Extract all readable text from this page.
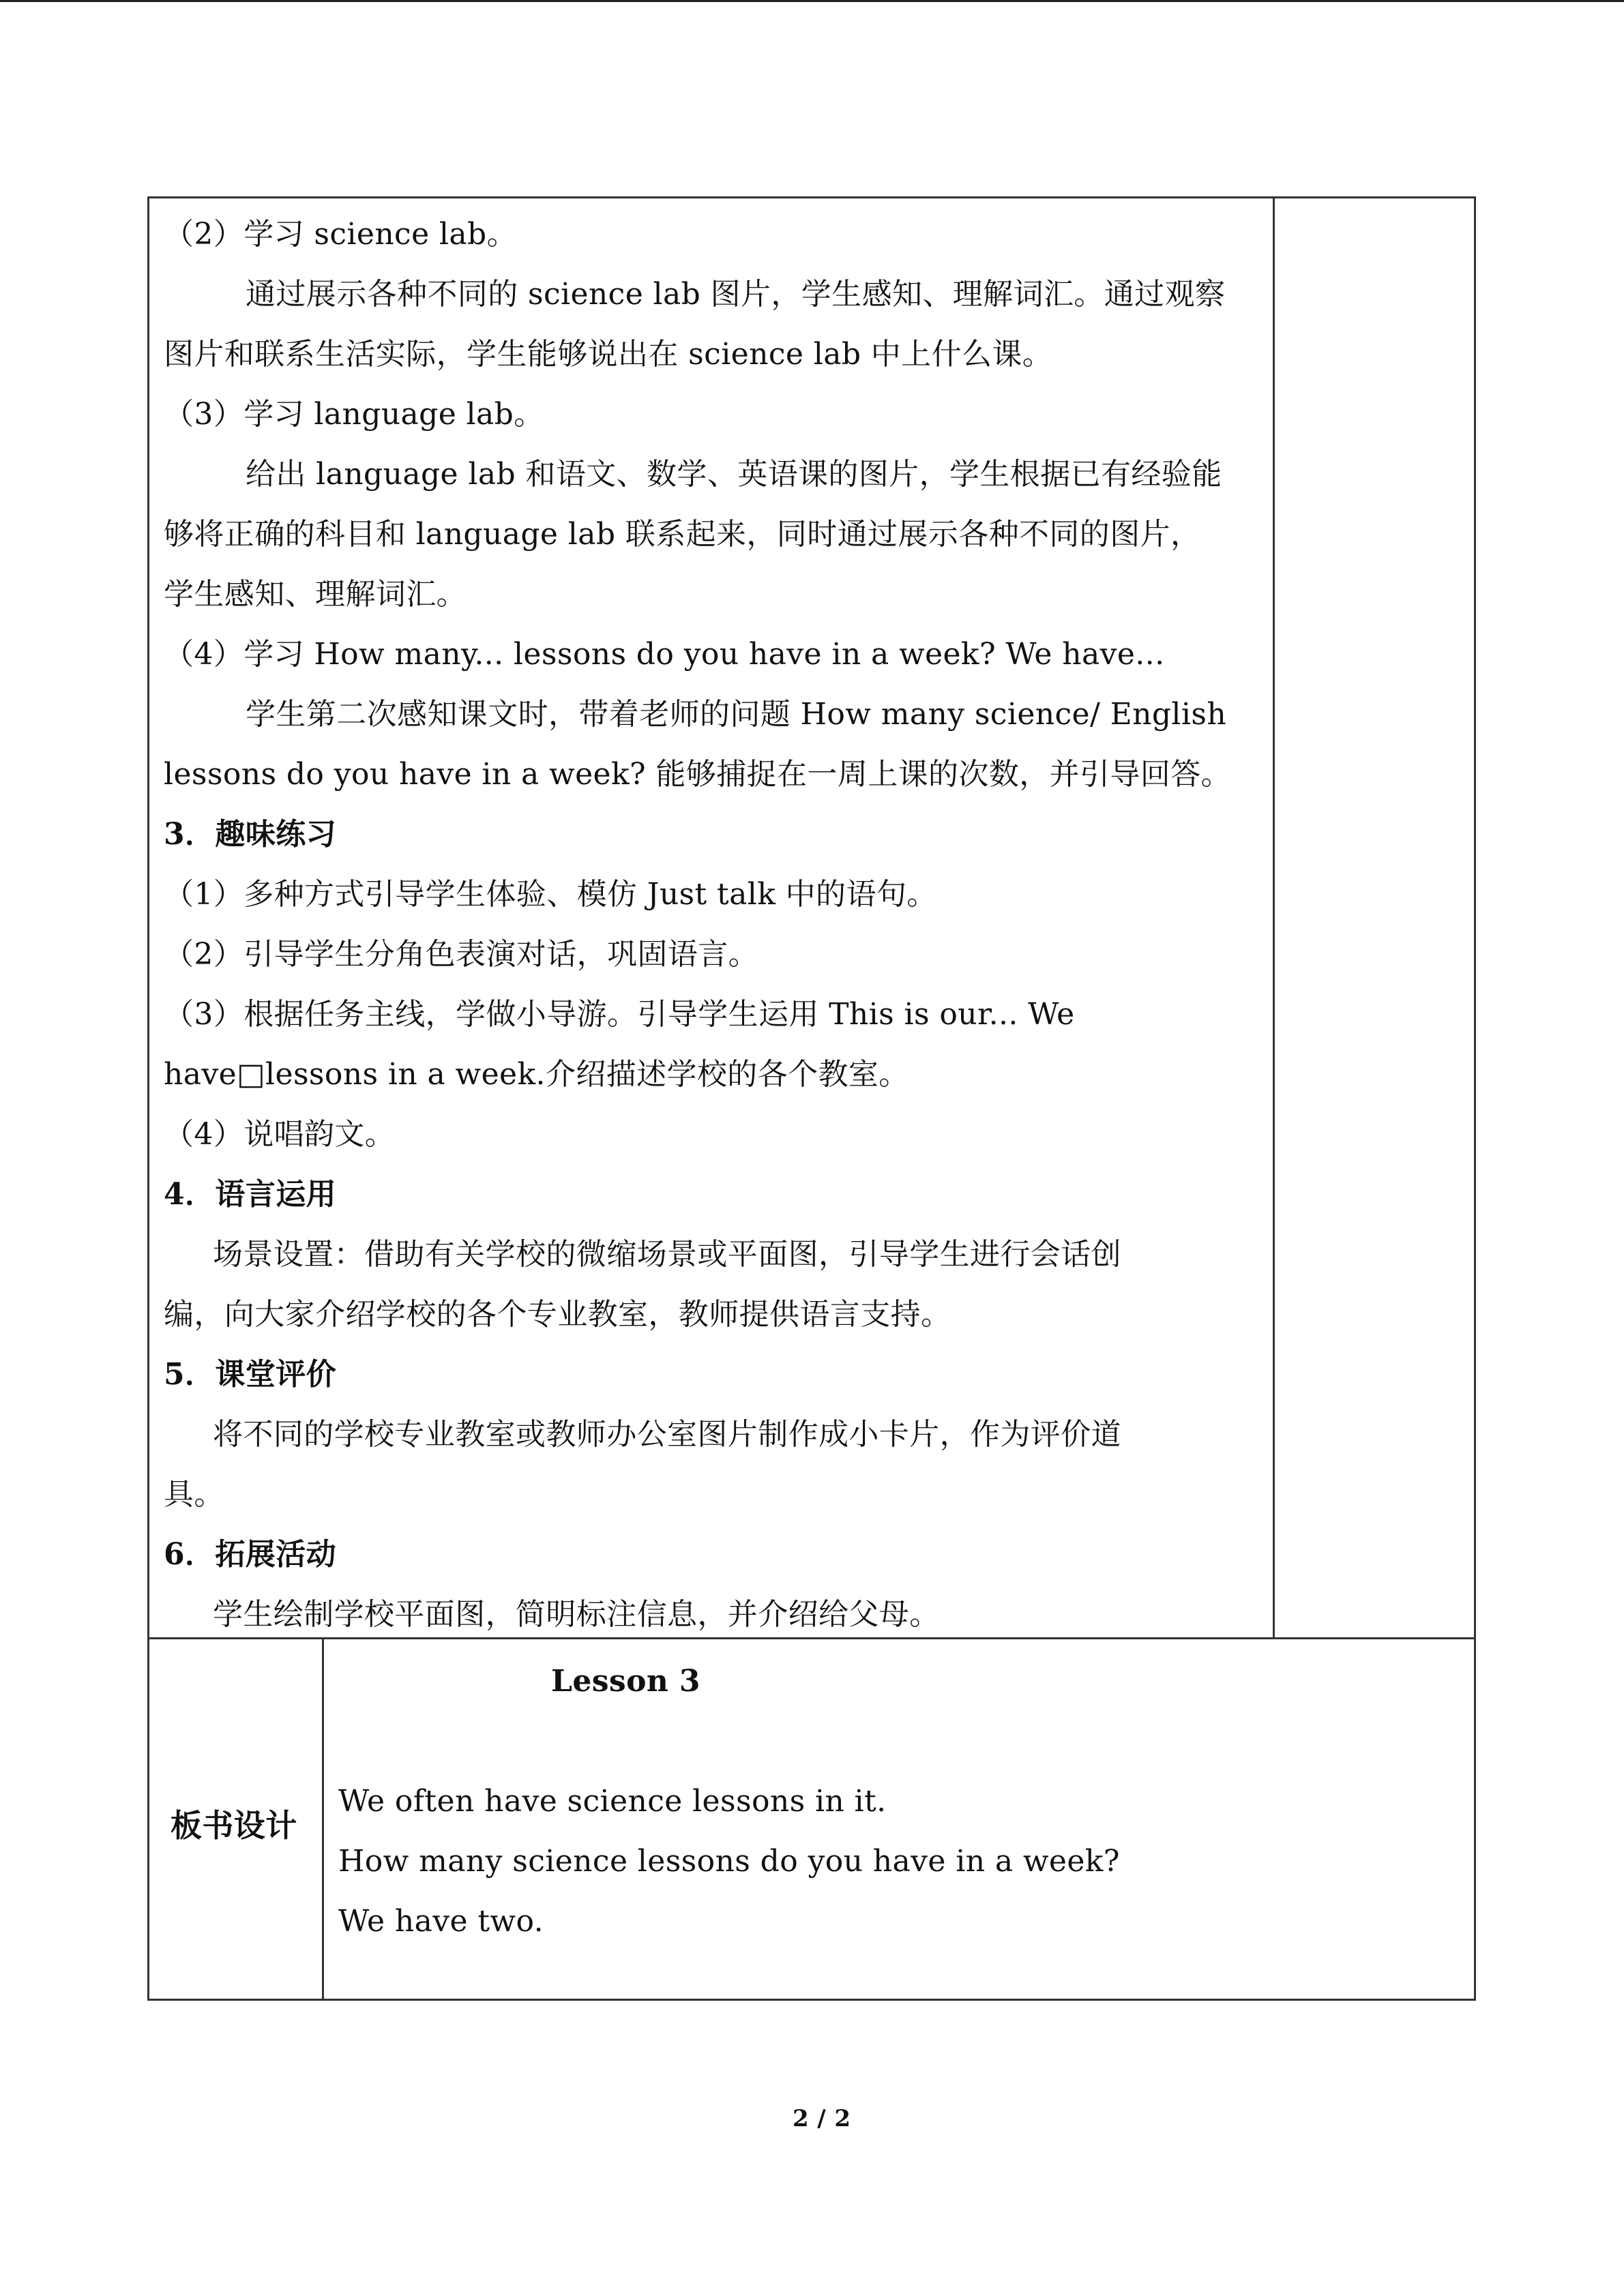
（2）学习 science lab。
通过展示各种不同的 science lab 图片，学生感知、理解词汇。通过观察
图片和联系生活实际，学生能够说出在 science lab 中上什么课。
（3）学习 language lab。
给出 language lab 和语文、数学、英语课的图片，学生根据已有经验能
够将正确的科目和 language lab 联系起来，同时通过展示各种不同的图片，
学生感知、理解词汇。
（4）学习 How many... lessons do you have in a week? We have...
学生第二次感知课文时，带着老师的问题 How many science/ English
lessons do you have in a week? 能够捕捉在一周上课的次数，并引导回答。
3．趣味练习
（1）多种方式引导学生体验、模仿 Just talk 中的语句。
（2）引导学生分角色表演对话，巩固语言。
（3）根据任务主线，学做小导游。引导学生运用 This is our... We
have□lessons in a week.介绍描述学校的各个教室。
（4）说唱韵文。
4．语言运用
场景设置：借助有关学校的微缩场景或平面图，引导学生进行会话创
编，向大家介绍学校的各个专业教室，教师提供语言支持。
5．课堂评价
将不同的学校专业教室或教师办公室图片制作成小卡片，作为评价道
具。
6．拓展活动
学生绘制学校平面图，简明标注信息，并介绍给父母。
板书设计
Lesson 3
We often have science lessons in it.
How many science lessons do you have in a week?
We have two.
2 / 2
